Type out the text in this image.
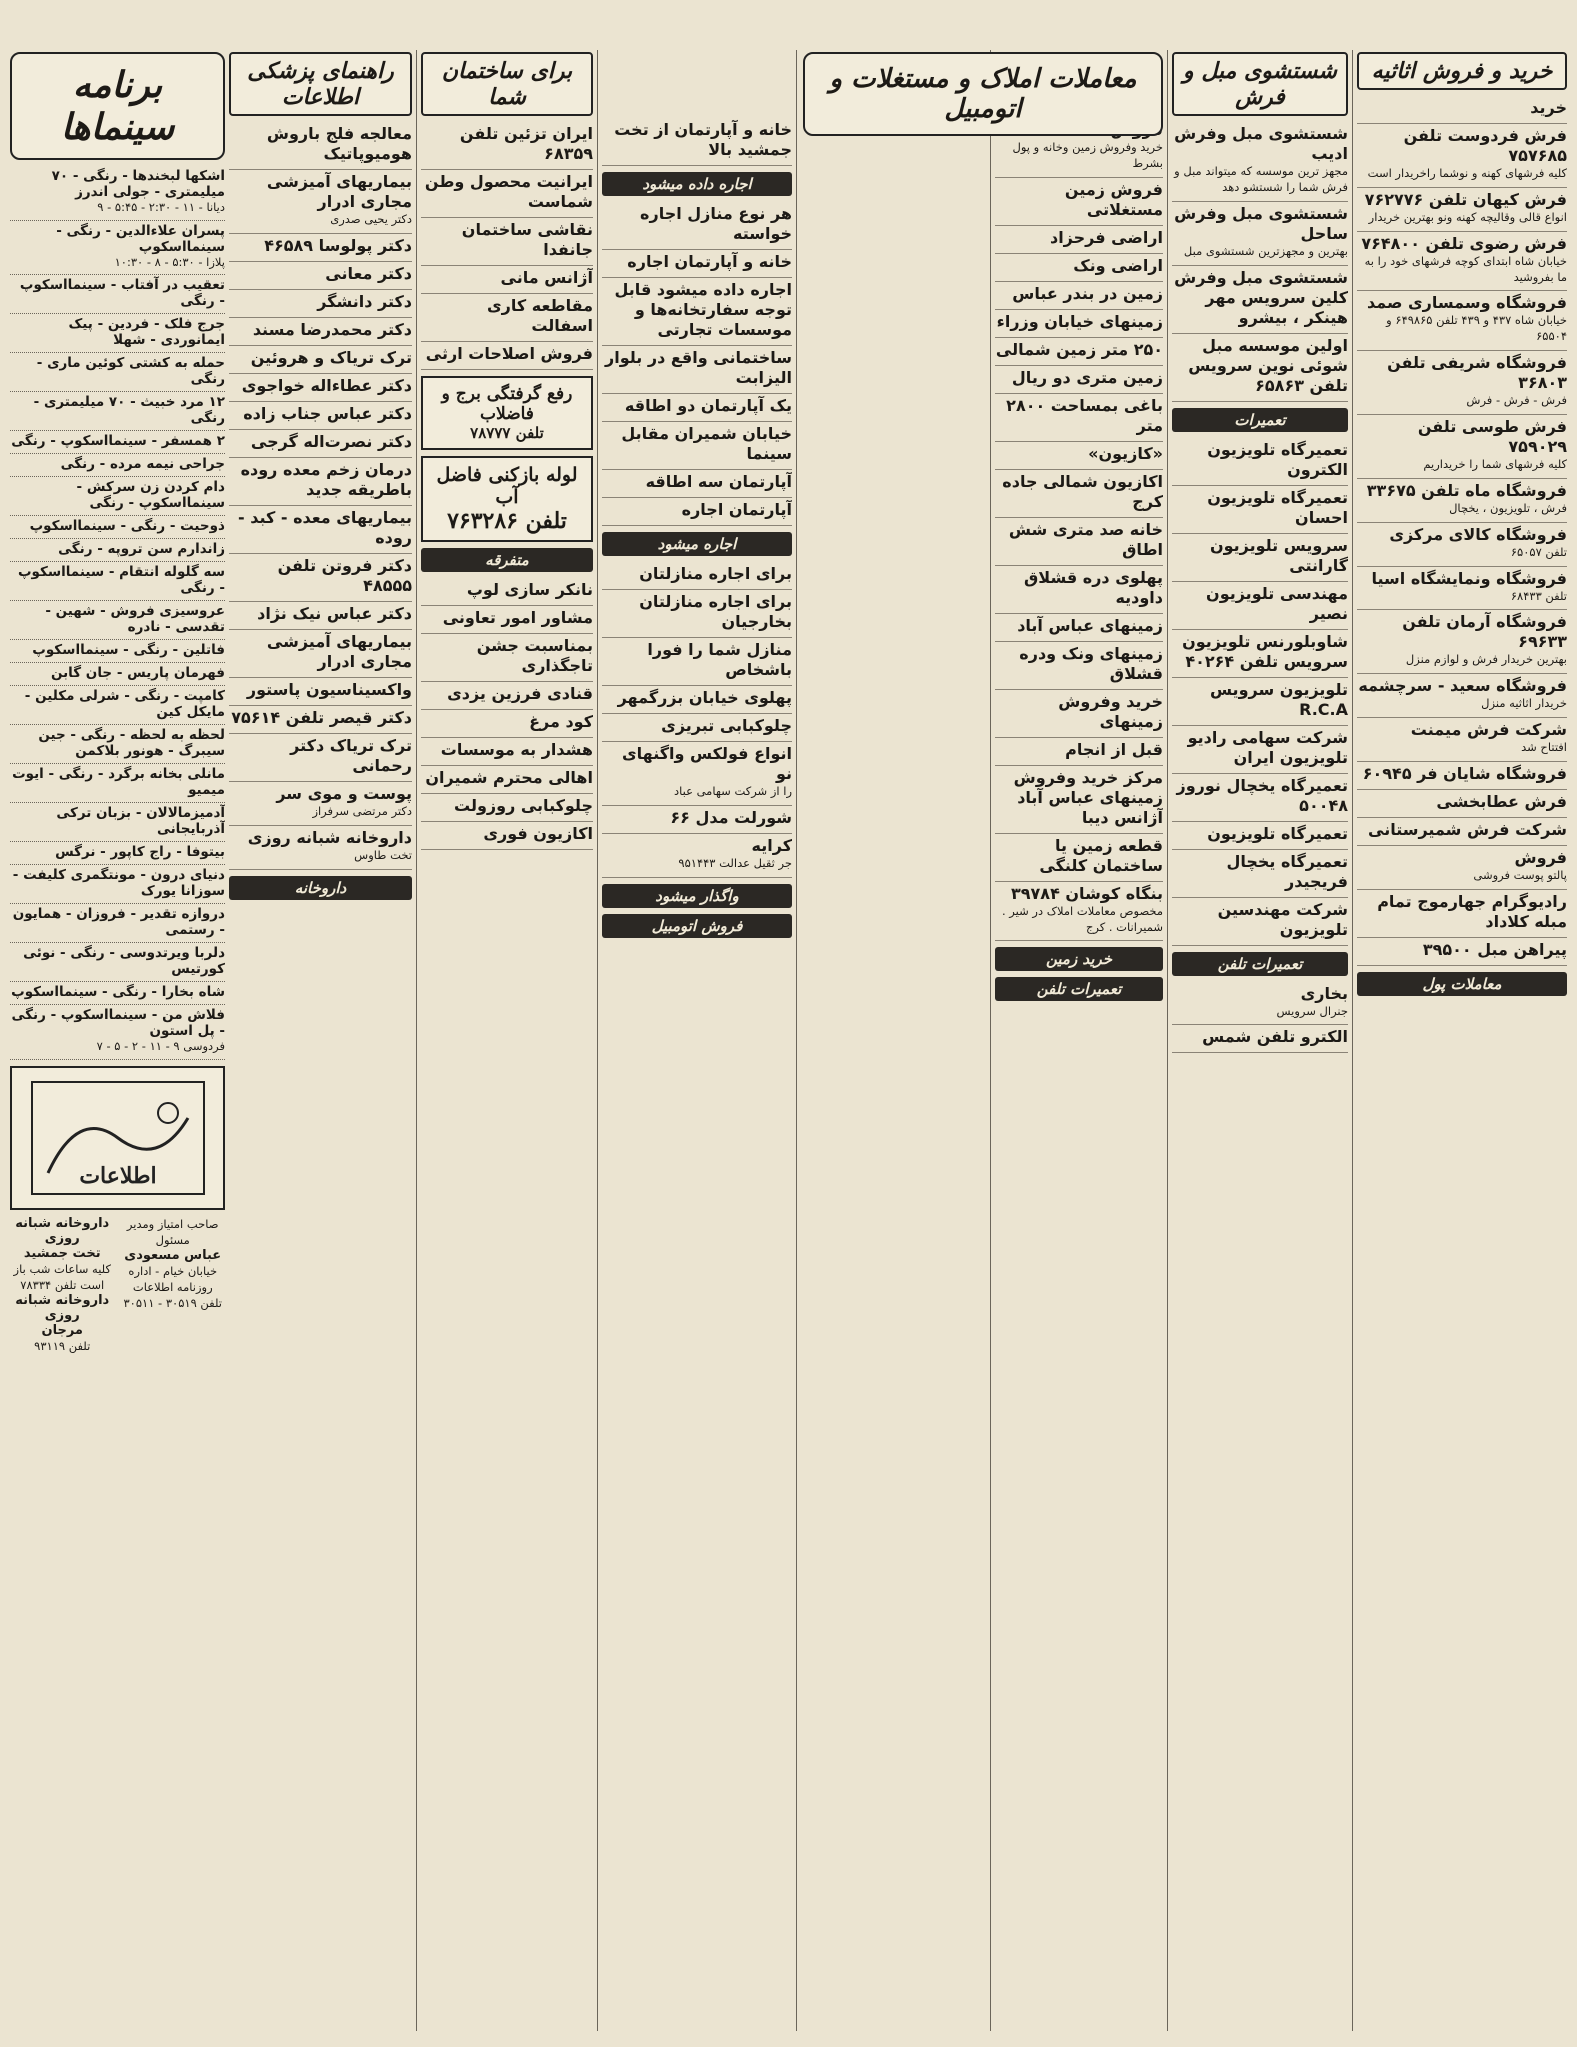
خرید و فروش اثاثیه
خرید
فرش فردوست تلفن ۷۵۷۶۸۵
کلیه فرشهای کهنه و نوشما راخریدار است
فرش کیهان تلفن ۷۶۲۷۷۶
انواع قالی وقالیچه کهنه ونو بهترین خریدار
فرش رضوی تلفن ۷۶۴۸۰۰
خیابان شاه ابتدای کوچه فرشهای خود را به ما بفروشید
فروشگاه وسمساری صمد
خیابان شاه ۴۳۷ و ۴۳۹ تلفن ۶۴۹۸۶۵ و ۶۵۵۰۴
فروشگاه شریفی تلفن ۳۶۸۰۳
فرش - فرش - فرش
فرش طوسی تلفن ۷۵۹۰۲۹
کلیه فرشهای شما را خریداریم
فروشگاه ماه تلفن ۳۳۶۷۵
فرش ، تلویزیون ، یخچال
فروشگاه کالای مرکزی
تلفن ۶۵۰۵۷
فروشگاه ونمایشگاه اسیا
تلفن ۶۸۴۳۳
فروشگاه آرمان تلفن ۶۹۶۳۳
بهترین خریدار فرش و لوازم منزل
فروشگاه سعید - سرچشمه
خریدار اثاثیه منزل
شرکت فرش میمنت
افتتاح شد
فروشگاه شایان فر ۶۰۹۴۵
فرش عطابخشی
شرکت فرش شمیرستانی
فروش
پالتو پوست فروشی
رادیوگرام جهارموج تمام مبله کلاداد
پیراهن مبل ۳۹۵۰۰
معاملات پول
شستشوی مبل و فرش
شستشوی مبل وفرش ادیب
مجهز ترین موسسه که میتواند مبل و فرش شما را شستشو دهد
شستشوی مبل وفرش ساحل
بهترین و مجهزترین شستشوی مبل
شستشوی مبل وفرش کلین سرویس مهر هینکر ، بیشرو
اولین موسسه مبل شوئی نوین سرویس تلفن ۶۵۸۶۳
تعمیرات
تعمیرگاه تلویزیون الکترون
تعمیرگاه تلویزیون احسان
سرویس تلویزیون گارانتی
مهندسی تلویزیون نصیر
شاوبلورنس تلویزیون سرویس تلفن ۴۰۲۶۴
تلویزیون سرویس R.C.A
شرکت سهامی رادیو تلویزیون ایران
تعمیرگاه یخچال نوروز ۵۰۰۴۸
تعمیرگاه تلویزیون
تعمیرگاه یخچال فریجیدر
شرکت مهندسین تلویزیون
تعمیرات تلفن
بخاری
جنرال سرویس
الکترو تلفن شمس
خرید وفروش زمین وخانه و پول بشرط
فروش زمین مستغلاتی
اراضی فرحزاد
اراضی ونک
زمین در بندر عباس
زمینهای خیابان وزراء
۲۵۰ متر زمین شمالی
زمین متری دو ریال
باغی بمساحت ۲۸۰۰ متر
«کازیون»
اکازیون شمالی جاده کرج
خانه صد متری شش اطاق
پهلوی دره قشلاق داودیه
زمینهای عباس آباد
زمینهای ونک ودره قشلاق
خرید وفروش زمینهای
قبل از انجام
مرکز خرید وفروش زمینهای عباس آباد آژانس دیبا
قطعه زمین یا ساختمان کلنگی
بنگاه کوشان ۳۹۷۸۴
مخصوص معاملات املاک در شیر . شمیرانات . کرج
خرید زمین
تعمیرات تلفن
معاملات املاک و مستغلات و اتومبیل
خانه و آپارتمان از تخت جمشید بالا
اجاره داده میشود
هر نوع منازل اجاره خواسته
خانه و آپارتمان اجاره
اجاره داده میشود قابل توجه سفارتخانه‌ها و موسسات تجارتی
ساختمانی واقع در بلوار الیزابت
یک آپارتمان دو اطاقه
خیابان شمیران مقابل سینما
آپارتمان سه اطاقه
آپارتمان اجاره
اجاره میشود
برای اجاره منازلتان
برای اجاره منازلتان بخارجیان
منازل شما را فورا باشخاص
پهلوی خیابان بزرگمهر
چلوکبابی تبریزی
انواع فولکس واگنهای نو
را از شرکت سهامی عباد
شورلت مدل ۶۶
کرایه
جر ثقیل عدالت ۹۵۱۴۴۳
واگذار میشود
فروش اتومبیل
برای ساختمان شما
ایران تزئین تلفن ۶۸۳۵۹
ایرانیت محصول وطن شماست
نقاشی ساختمان جانفدا
آژانس مانی
مقاطعه کاری اسفالت
فروش اصلاحات ارثی
رفع گرفتگی برج و فاضلاب
تلفن ۷۸۷۷۷
لوله بازکنی فاضل آب
تلفن ۷۶۳۲۸۶
متفرقه
نانکر سازی لوپ
مشاور امور تعاونی
بمناسبت جشن تاجگذاری
قنادی فرزین یزدی
کود مرغ
هشدار به موسسات
اهالی محترم شمیران
چلوکبابی روزولت
اکازیون فوری
راهنمای پزشکی اطلاعات
معالجه فلج باروش هومیوپاتیک
بیماریهای آمیزشی مجاری ادرار
دکتر یحیی صدری
دکتر پولوسا ۴۶۵۸۹
دکتر معانی
دکتر دانشگر
دکتر محمدرضا مسند
ترک تریاک و هروئین
دکتر عطاءاله خواجوی
دکتر عباس جناب زاده
دکتر نصرت‌اله گرجی
درمان زخم معده روده باطریقه جدید
بیماریهای معده - کبد - روده
دکتر فروتن تلفن ۴۸۵۵۵
دکتر عباس نیک نژاد
بیماریهای آمیزشی مجاری ادرار
واکسیناسیون پاستور
دکتر قیصر تلفن ۷۵۶۱۴
ترک تریاک دکتر رحمانی
پوست و موی سر
دکتر مرتضی سرفراز
داروخانه شبانه روزی
تخت طاوس
داروخانه
برنامه سینماها
اشکها لبخندها - رنگی - ۷۰ میلیمتری - جولی اندرز
دیانا - ۱۱ - ۲:۳۰ - ۵:۴۵ - ۹
پسران علاءالدین - رنگی - سینمااسکوپ
پلازا - ۵:۳۰ - ۸ - ۱۰:۳۰
تعقیب در آفتاب - سینمااسکوپ - رنگی
جرج فلک - فردین - پیک ایمانوردی - شهلا
حمله به کشتی کوئین ماری - رنگی
۱۲ مرد خبیث - ۷۰ میلیمتری - رنگی
۲ همسفر - سینمااسکوپ - رنگی
جراحی نیمه مرده - رنگی
دام کردن زن سرکش - سینمااسکوپ - رنگی
ذوحیت - رنگی - سینمااسکوپ
زاندارم سن تروپه - رنگی
سه گلوله انتقام - سینمااسکوپ - رنگی
عروسیزی فروش - شهین - تقدسی - نادره
فاتلین - رنگی - سینمااسکوپ
فهرمان پاریس - جان گابن
کامپت - رنگی - شرلی مکلین - مایکل کین
لحظه به لحظه - رنگی - جین سیبرگ - هونور بلاکمن
مانلی بخانه برگرد - رنگی - ایوت میمیو
آدمیزمالالان - بزبان ترکی آذربایجانی
بیتوفا - راج کاپور - نرگس
دنیای درون - مونتگمری کلیفت - سوزانا یورک
دروازه تقدیر - فروزان - همایون - رستمی
دلربا ویرتدوسی - رنگی - نوئی کورتیس
شاه بخارا - رنگی - سینمااسکوپ
فلاش من - سینمااسکوپ - رنگی - پل استون
فردوسی ۹ - ۱۱ - ۲ - ۵ - ۷
اطلاعات
صاحب امتیاز ومدیر مسئول
عباس مسعودی
خیابان خیام - اداره روزنامه اطلاعات
تلفن ۳۰۵۱۹ - ۳۰۵۱۱
داروخانه شبانه روزی
تخت جمشید
کلیه ساعات شب باز است تلفن ۷۸۳۳۴
داروخانه شبانه روزی
مرجان
تلفن ۹۳۱۱۹
